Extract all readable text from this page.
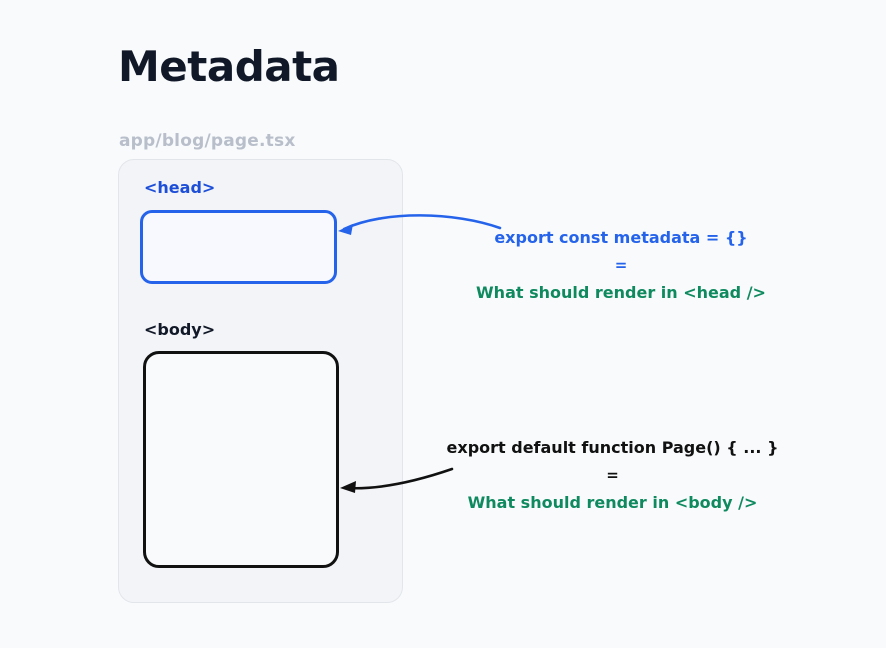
Metadata
app/blog/page.tsx
<head>
<body>
export const metadata = {}
=
What should render in <head />
export default function Page() { ... }
=
What should render in <body />
